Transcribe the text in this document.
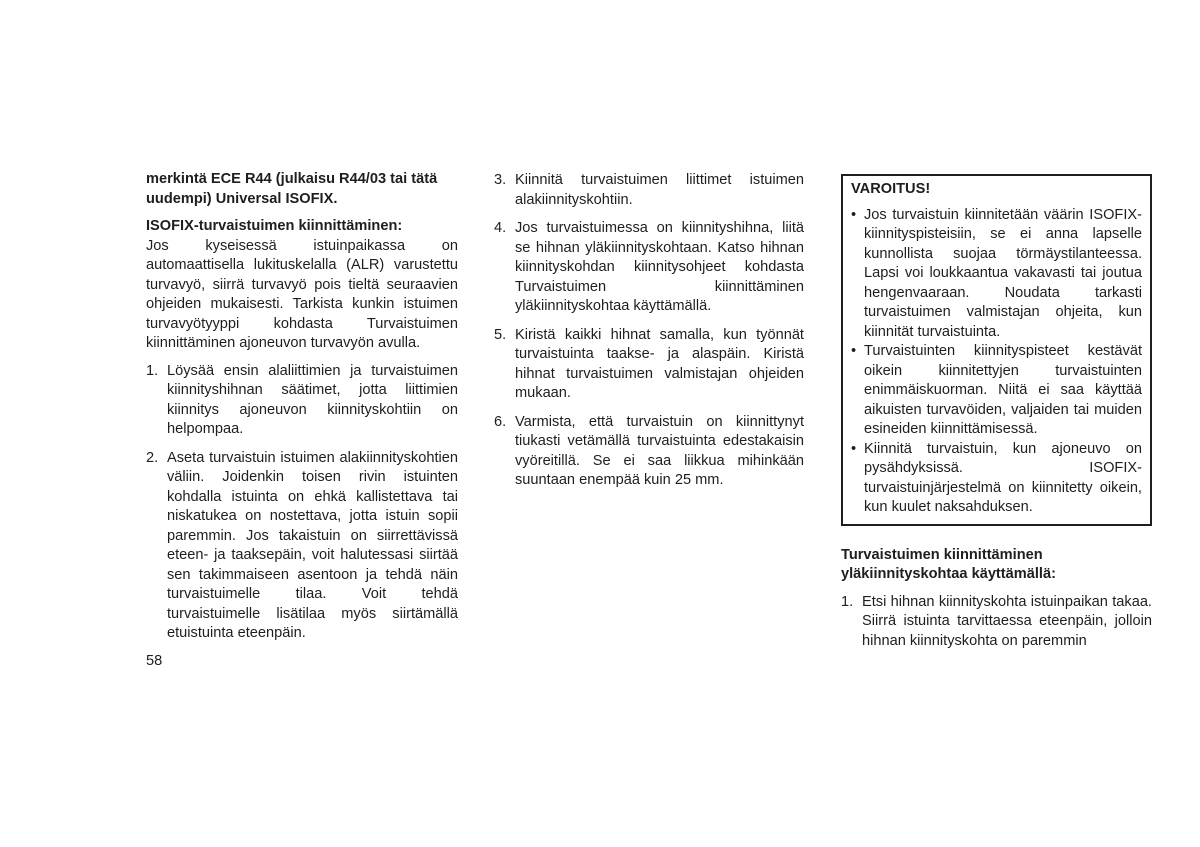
merkintä ECE R44 (julkaisu R44/03 tai tätä uudempi) Universal ISOFIX.

ISOFIX-turvaistuimen kiinnittäminen:

Jos kyseisessä istuinpaikassa on automaattisella lukituskelalla (ALR) varustettu turvavyö, siirrä turvavyö pois tieltä seuraavien ohjeiden mukaisesti. Tarkista kunkin istuimen turvavyötyyppi kohdasta Turvaistuimen kiinnittäminen ajoneuvon turvavyön avulla.

1. Löysää ensin alaliittimien ja turvaistuimen kiinnityshihnan säätimet, jotta liittimien kiinnitys ajoneuvon kiinnityskohtiin on helpompaa.
2. Aseta turvaistuin istuimen alakiinnityskohtien väliin. Joidenkin toisen rivin istuinten kohdalla istuinta on ehkä kallistettava tai niskatukea on nostettava, jotta istuin sopii paremmin. Jos takaistuin on siirrettävissä eteen- ja taaksepäin, voit halutessasi siirtää sen takimmaiseen asentoon ja tehdä näin turvaistuimelle tilaa. Voit tehdä turvaistuimelle lisätilaa myös siirtämällä etuistuinta eteenpäin.
3. Kiinnitä turvaistuimen liittimet istuimen alakiinnityskohtiin.
4. Jos turvaistuimessa on kiinnityshihna, liitä se hihnan yläkiinnityskohtaan. Katso hihnan kiinnityskohdan kiinnitysohjeet kohdasta Turvaistuimen kiinnittäminen yläkiinnityskohtaa käyttämällä.
5. Kiristä kaikki hihnat samalla, kun työnnät turvaistuinta taakse- ja alaspäin. Kiristä hihnat turvaistuimen valmistajan ohjeiden mukaan.
6. Varmista, että turvaistuin on kiinnittynyt tiukasti vetämällä turvaistuinta edestakaisin vyöreitillä. Se ei saa liikkua mihinkään suuntaan enempää kuin 25 mm.
VAROITUS!
• Jos turvaistuin kiinnitetään väärin ISOFIX-kiinnityspisteisiin, se ei anna lapselle kunnollista suojaa törmäystilanteessa. Lapsi voi loukkaantua vakavasti tai joutua hengenvaaraan. Noudata tarkasti turvaistuimen valmistajan ohjeita, kun kiinnität turvaistuinta.
• Turvaistuinten kiinnityspisteet kestävät oikein kiinnitettyjen turvaistuinten enimmäiskuorman. Niitä ei saa käyttää aikuisten turvavöiden, valjaiden tai muiden esineiden kiinnittämisessä.
• Kiinnitä turvaistuin, kun ajoneuvo on pysähdyksissä. ISOFIX-turvaistuinjärjestelmä on kiinnitetty oikein, kun kuulet naksahduksen.

Turvaistuimen kiinnittäminen yläkiinnityskohtaa käyttämällä:

1. Etsi hihnan kiinnityskohta istuinpaikan takaa. Siirrä istuinta tarvittaessa eteenpäin, jolloin hihnan kiinnityskohta on paremmin
58
